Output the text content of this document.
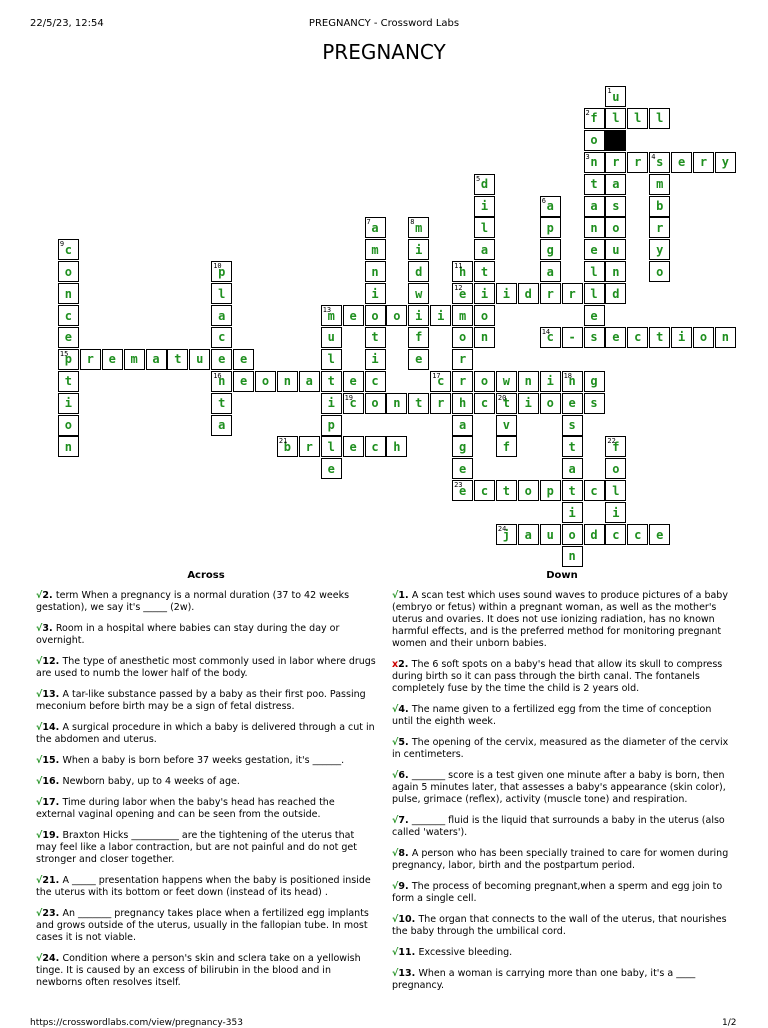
22/5/23, 12:54	PREGNANCY - Crossword Labs
PREGNANCY
1 u
l
r
a
s
o
u
n
d
2 f	l l
o
3 n
t
a
n
e
l
l
e
r 4 s e r y
m
b
r
y
o
5 d
i
l
a
t
i
o
n
6 a
p
g
a
r
7 a
m
n
i
o
t
i
c
8 m
i
d
w
i
f
e
9 c
o
n
c
e
15
p
t
i
o
n
10
p
l
a
c
e
16
n
t
a
11
h
12
e
m
o
r
r
h
a
g
e
i d	r
13
m
u
l
t
i
p
l
e
e	o	i
14
c - s e c t i o n
r e m a t u	e
e o n a	e	17
c	o w n i 18
n g
e
s
t
a
t
i
o
n
19
c o n t r	c 20
t i o	s
v
f
21
b r	e c h	22
f
o
l
i
c
23
e c t o p	c
24
j a u	d	c e
Across
√2. term When a pregnancy is a normal duration (37 to 42 weeks gestation), we say it's _____ (2w).
√3. Room in a hospital where babies can stay during the day or overnight.
√12. The type of anesthetic most commonly used in labor where drugs are used to numb the lower half of the body.
√13. A tar-like substance passed by a baby as their first poo. Passing meconium before birth may be a sign of fetal distress.
√14. A surgical procedure in which a baby is delivered through a cut in the abdomen and uterus.
√15. When a baby is born before 37 weeks gestation, it's ______.
√16. Newborn baby, up to 4 weeks of age.
√17. Time during labor when the baby's head has reached the external vaginal opening and can be seen from the outside.
√19. Braxton Hicks __________ are the tightening of the uterus that may feel like a labor contraction, but are not painful and do not get stronger and closer together.
√21. A _____ presentation happens when the baby is positioned inside the uterus with its bottom or feet down (instead of its head) .
√23. An _______ pregnancy takes place when a fertilized egg implants and grows outside of the uterus, usually in the fallopian tube. In most cases it is not viable.
√24. Condition where a person's skin and sclera take on a yellowish tinge. It is caused by an excess of bilirubin in the blood and in newborns often resolves itself.
Down
√1. A scan test which uses sound waves to produce pictures of a baby (embryo or fetus) within a pregnant woman, as well as the mother's uterus and ovaries. It does not use ionizing radiation, has no known harmful effects, and is the preferred method for monitoring pregnant women and their unborn babies.
x2. The 6 soft spots on a baby's head that allow its skull to compress during birth so it can pass through the birth canal. The fontanels completely fuse by the time the child is 2 years old.
√4. The name given to a fertilized egg from the time of conception until the eighth week.
√5. The opening of the cervix, measured as the diameter of the cervix in centimeters.
√6. _______ score is a test given one minute after a baby is born, then again 5 minutes later, that assesses a baby's appearance (skin color), pulse, grimace (reflex), activity (muscle tone) and respiration.
√7. _______ fluid is the liquid that surrounds a baby in the uterus (also called 'waters').
√8. A person who has been specially trained to care for women during pregnancy, labor, birth and the postpartum period.
√9. The process of becoming pregnant,when a sperm and egg join to form a single cell.
√10. The organ that connects to the wall of the uterus, that nourishes the baby through the umbilical cord.
√11. Excessive bleeding.
√13. When a woman is carrying more than one baby, it's a ____ pregnancy.
https://crosswordlabs.com/view/pregnancy-353	1/2
